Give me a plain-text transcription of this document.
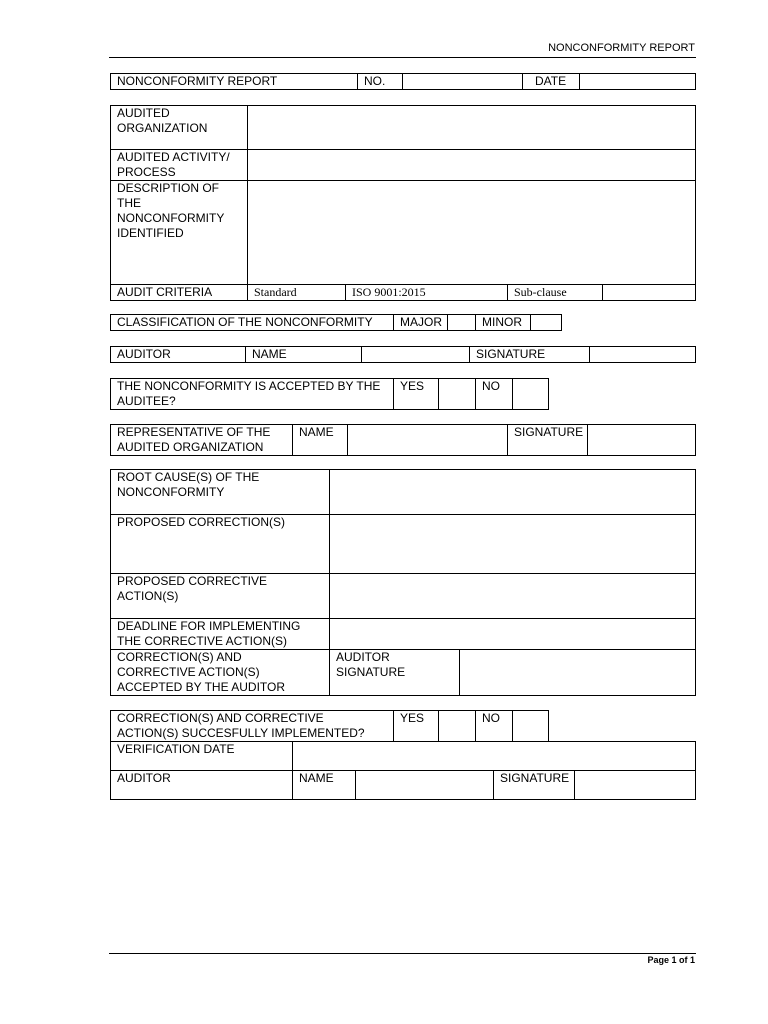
NONCONFORMITY REPORT
NONCONFORMITY REPORT	NO.		DATE	
AUDITED ORGANIZATION				
AUDITED ACTIVITY/ PROCESS				
DESCRIPTION OF THE NONCONFORMITY IDENTIFIED				
AUDIT CRITERIA	Standard	ISO 9001:2015	Sub-clause	
CLASSIFICATION OF THE NONCONFORMITY	MAJOR		MINOR	
AUDITOR	NAME		SIGNATURE	
THE NONCONFORMITY IS ACCEPTED BY THE AUDITEE?	YES		NO	
REPRESENTATIVE OF THE AUDITED ORGANIZATION	NAME		SIGNATURE	
ROOT CAUSE(S) OF THE NONCONFORMITY		
PROPOSED CORRECTION(S)		
PROPOSED CORRECTIVE ACTION(S)		
DEADLINE FOR IMPLEMENTING THE CORRECTIVE ACTION(S)		
CORRECTION(S) AND CORRECTIVE ACTION(S) ACCEPTED BY THE AUDITOR	AUDITOR SIGNATURE	
CORRECTION(S) AND CORRECTIVE ACTION(S) SUCCESFULLY IMPLEMENTED?	YES		NO	
VERIFICATION DATE				
AUDITOR	NAME		SIGNATURE	
Page 1 of 1
